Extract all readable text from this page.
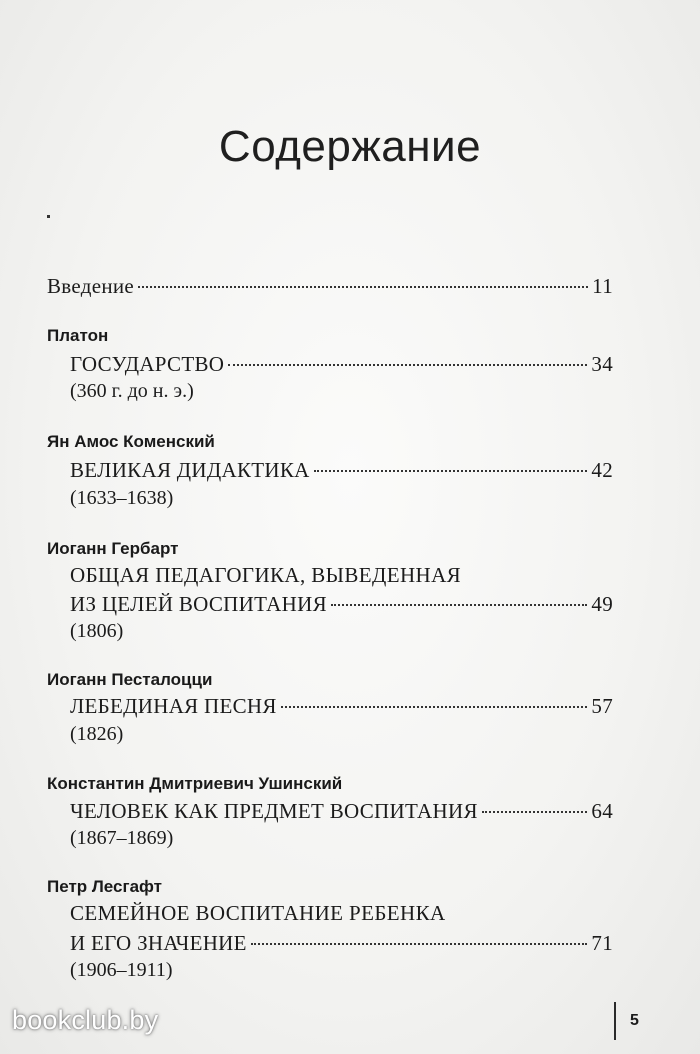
Содержание
Введение	11
Платон
ГОСУДАРСТВО	34
(360 г. до н. э.)
Ян Амос Коменский
ВЕЛИКАЯ ДИДАКТИКА	42
(1633–1638)
Иоганн Гербарт
ОБЩАЯ ПЕДАГОГИКА, ВЫВЕДЕННАЯ
ИЗ ЦЕЛЕЙ ВОСПИТАНИЯ	49
(1806)
Иоганн Песталоцци
ЛЕБЕДИНАЯ ПЕСНЯ	57
(1826)
Константин Дмитриевич Ушинский
ЧЕЛОВЕК КАК ПРЕДМЕТ ВОСПИТАНИЯ	64
(1867–1869)
Петр Лесгафт
СЕМЕЙНОЕ ВОСПИТАНИЕ РЕБЕНКА
И ЕГО ЗНАЧЕНИЕ	71
(1906–1911)
5
bookclub.by
